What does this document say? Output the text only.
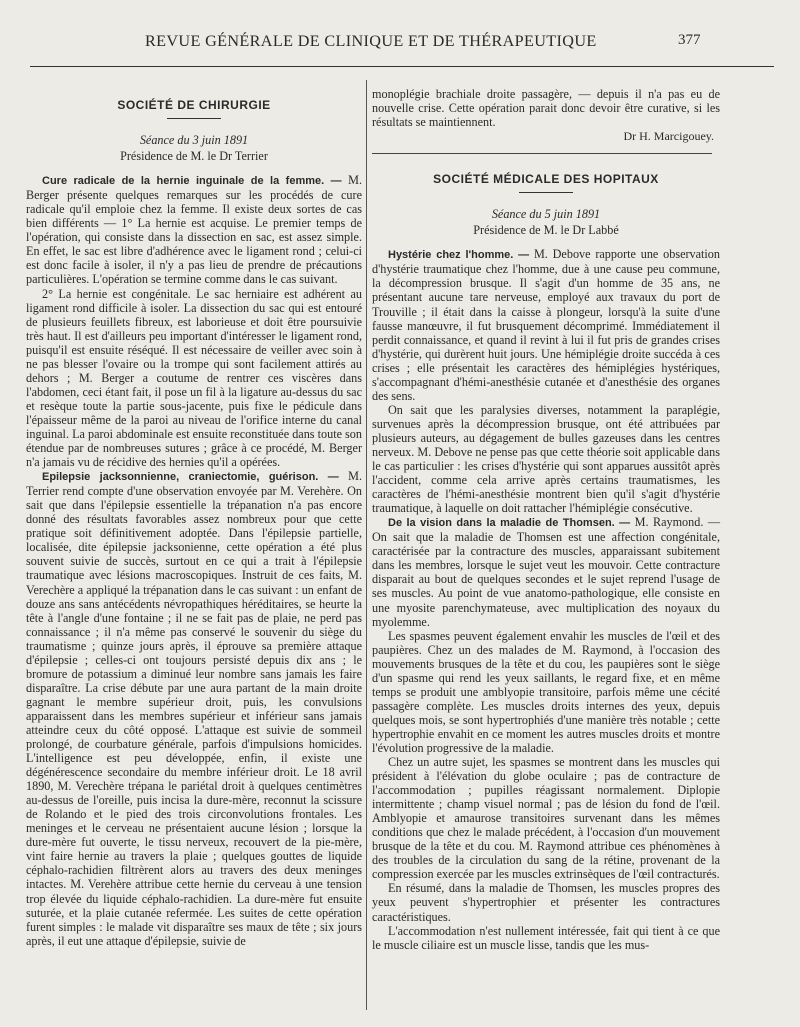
REVUE GÉNÉRALE DE CLINIQUE ET DE THÉRAPEUTIQUE	377
SOCIÉTÉ DE CHIRURGIE
Séance du 3 juin 1891
Présidence de M. le Dr Terrier

Cure radicale de la hernie inguinale de la femme. — M. Berger présente quelques remarques sur les procédés de cure radicale qu'il emploie chez la femme. Il existe deux sortes de cas bien différents — 1° La hernie est acquise. Le premier temps de l'opération, qui consiste dans la dissection en sac, est assez simple. En effet, le sac est libre d'adhérence avec le ligament rond ; celui-ci est donc facile à isoler, il n'y a pas lieu de prendre de précautions particulières. L'opération se termine comme dans le cas suivant.

2° La hernie est congénitale. Le sac herniaire est adhérent au ligament rond difficile à isoler. La dissection du sac qui est entouré de plusieurs feuillets fibreux, est laborieuse et doit être poursuivie très haut. Il est d'ailleurs peu important d'intéresser le ligament rond, puisqu'il est ensuite réséqué. Il est nécessaire de veiller avec soin à ne pas blesser l'ovaire ou la trompe qui sont facilement attirés au dehors ; M. Berger a coutume de rentrer ces viscères dans l'abdomen, ceci étant fait, il pose un fil à la ligature au-dessus du sac et resèque toute la partie sous-jacente, puis fixe le pédicule dans l'épaisseur même de la paroi au niveau de l'orifice interne du canal inguinal. La paroi abdominale est ensuite reconstituée dans toute son étendue par de nombreuses sutures ; grâce à ce procédé, M. Berger n'a jamais vu de récidive des hernies qu'il a opérées.

Epilepsie jacksonnienne, craniectomie, guérison. — M. Terrier rend compte d'une observation envoyée par M. Verehère. On sait que dans l'épilepsie essentielle la trépanation n'a pas encore donné des résultats favorables assez nombreux pour que cette pratique soit définitivement adoptée. Dans l'épilepsie partielle, localisée, dite épilepsie jacksonienne, cette opération a été plus souvent suivie de succès, surtout en ce qui a trait à l'épilepsie traumatique avec lésions macroscopiques. Instruit de ces faits, M. Verechère a appliqué la trépanation dans le cas suivant : un enfant de douze ans sans antécédents névropathiques héréditaires, se heurte la tête à l'angle d'une fontaine ; il ne se fait pas de plaie, ne perd pas connaissance ; il n'a même pas conservé le souvenir du siège du traumatisme ; quinze jours après, il éprouve sa première attaque d'épilepsie ; celles-ci ont toujours persisté depuis dix ans ; le bromure de potassium a diminué leur nombre sans jamais les faire disparaître. La crise débute par une aura partant de la main droite gagnant le membre supérieur droit, puis, les convulsions apparaissent dans les membres supérieur et inférieur sans jamais atteindre ceux du côté opposé. L'attaque est suivie de sommeil prolongé, de courbature générale, parfois d'impulsions homicides. L'intelligence est peu développée, enfin, il existe une dégénérescence secondaire du membre inférieur droit. Le 18 avril 1890, M. Verechère trépana le pariétal droit à quelques centimètres au-dessus de l'oreille, puis incisa la dure-mère, reconnut la scissure de Rolando et le pied des trois circonvolutions frontales. Les meninges et le cerveau ne présentaient aucune lésion ; lorsque la dure-mère fut ouverte, le tissu nerveux, recouvert de la pie-mère, vint faire hernie au travers la plaie ; quelques gouttes de liquide céphalo-rachidien filtrèrent alors au travers des deux meninges intactes. M. Verehère attribue cette hernie du cerveau à une tension trop élevée du liquide céphalo-rachidien. La dure-mère fut ensuite suturée, et la plaie cutanée refermée. Les suites de cette opération furent simples : le malade vit disparaître ses maux de tête ; six jours après, il eut une attaque d'épilepsie, suivie de

monoplégie brachiale droite passagère, — depuis il n'a pas eu de nouvelle crise. Cette opération parait donc devoir être curative, si les résultats se maintiennent.

Dr H. Marcigouey.
SOCIÉTÉ MÉDICALE DES HOPITAUX
Séance du 5 juin 1891
Présidence de M. le Dr Labbé

Hystérie chez l'homme. — M. Debove rapporte une observation d'hystérie traumatique chez l'homme, due à une cause peu commune, la décompression brusque. Il s'agit d'un homme de 35 ans, ne présentant aucune tare nerveuse, employé aux travaux du port de Trouville ; il était dans la caisse à plongeur, lorsqu'à la suite d'une fausse manœuvre, il fut brusquement décomprimé. Immédiatement il perdit connaissance, et quand il revint à lui il fut pris de grandes crises d'hystérie, qui durèrent huit jours. Une hémiplégie droite succéda à ces crises ; elle présentait les caractères des hémiplégies hystériques, s'accompagnant d'hémi-anesthésie cutanée et d'anesthésie des organes des sens.

On sait que les paralysies diverses, notamment la paraplégie, survenues après la décompression brusque, ont été attribuées par plusieurs auteurs, au dégagement de bulles gazeuses dans les centres nerveux. M. Debove ne pense pas que cette théorie soit applicable dans le cas particulier : les crises d'hystérie qui sont apparues aussitôt après l'accident, comme cela arrive après certains traumatismes, les caractères de l'hémi-anesthésie montrent bien qu'il s'agit d'hystérie traumatique, à laquelle on doit rattacher l'hémiplégie consécutive.

De la vision dans la maladie de Thomsen. — M. Raymond. — On sait que la maladie de Thomsen est une affection congénitale, caractérisée par la contracture des muscles, apparaissant subitement dans les membres, lorsque le sujet veut les mouvoir. Cette contracture disparait au bout de quelques secondes et le sujet reprend l'usage de ses muscles. Au point de vue anatomo-pathologique, elle consiste en une myosite parenchymateuse, avec multiplication des noyaux du myolemme.

Les spasmes peuvent également envahir les muscles de l'œil et des paupières. Chez un des malades de M. Raymond, à l'occasion des mouvements brusques de la tête et du cou, les paupières sont le siège d'un spasme qui rend les yeux saillants, le regard fixe, et en même temps se produit une amblyopie transitoire, parfois même une cécité passagère complète. Les muscles droits internes des yeux, depuis quelques mois, se sont hypertrophiés d'une manière très notable ; cette hypertrophie envahit en ce moment les autres muscles droits et montre l'évolution progressive de la maladie.

Chez un autre sujet, les spasmes se montrent dans les muscles qui président à l'élévation du globe oculaire ; pas de contracture de l'accommodation ; pupilles réagissant normalement. Diplopie intermittente ; champ visuel normal ; pas de lésion du fond de l'œil. Amblyopie et amaurose transitoires survenant dans les mêmes conditions que chez le malade précédent, à l'occasion d'un mouvement brusque de la tête et du cou. M. Raymond attribue ces phénomènes à des troubles de la circulation du sang de la rétine, provenant de la compression exercée par les muscles extrinsèques de l'œil contracturés.

En résumé, dans la maladie de Thomsen, les muscles propres des yeux peuvent s'hypertrophier et présenter les contractures caractéristiques.

L'accommodation n'est nullement intéressée, fait qui tient à ce que le muscle ciliaire est un muscle lisse, tandis que les mus-
